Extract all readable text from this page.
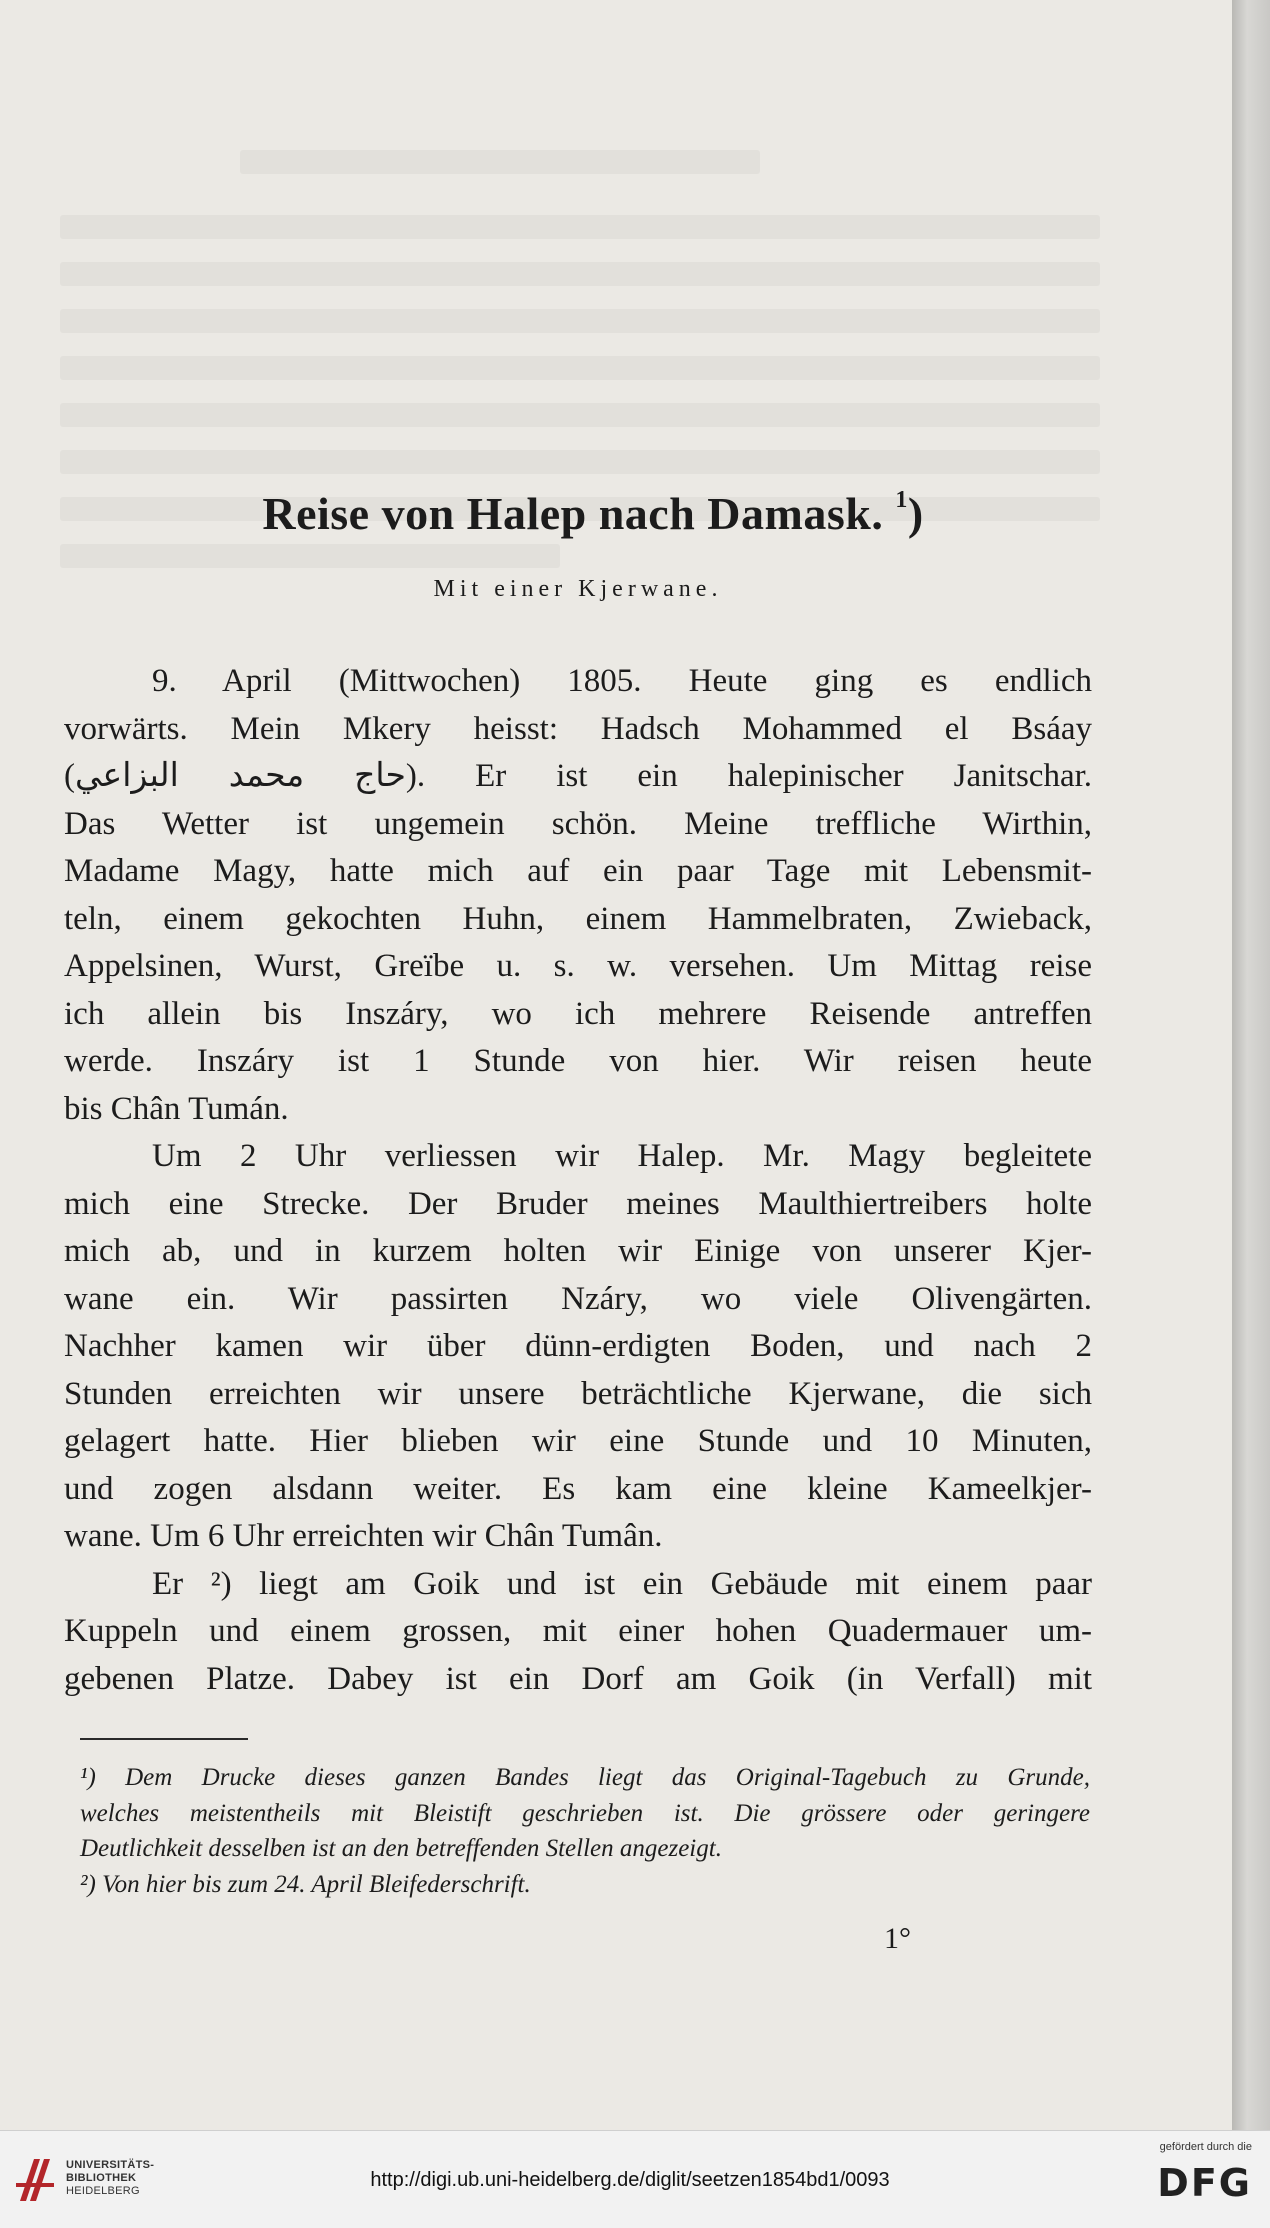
Reise von Halep nach Damask. $^1$)
Mit einer Kjerwane.
9. April (Mittwochen) 1805. Heute ging es endlich
vorwärts. Mein Mkery heisst: Hadsch Mohammed el Bsáay
(حاج محمد البزاعي). Er ist ein halepinischer Janitschar.
Das Wetter ist ungemein schön. Meine treffliche Wirthin,
Madame Magy, hatte mich auf ein paar Tage mit Lebensmit-
teln, einem gekochten Huhn, einem Hammelbraten, Zwieback,
Appelsinen, Wurst, Greïbe u. s. w. versehen. Um Mittag reise
ich allein bis Inszáry, wo ich mehrere Reisende antreffen
werde. Inszáry ist 1 Stunde von hier. Wir reisen heute
bis Chân Tumán.
Um 2 Uhr verliessen wir Halep. Mr. Magy begleitete
mich eine Strecke. Der Bruder meines Maulthiertreibers holte
mich ab, und in kurzem holten wir Einige von unserer Kjer-
wane ein. Wir passirten Nzáry, wo viele Olivengärten.
Nachher kamen wir über dünn-erdigten Boden, und nach 2
Stunden erreichten wir unsere beträchtliche Kjerwane, die sich
gelagert hatte. Hier blieben wir eine Stunde und 10 Minuten,
und zogen alsdann weiter. Es kam eine kleine Kameelkjer-
wane. Um 6 Uhr erreichten wir Chân Tumân.
Er ²) liegt am Goik und ist ein Gebäude mit einem paar
Kuppeln und einem grossen, mit einer hohen Quadermauer um-
gebenen Platze. Dabey ist ein Dorf am Goik (in Verfall) mit
¹) Dem Drucke dieses ganzen Bandes liegt das Original-Tagebuch zu Grunde,
welches meistentheils mit Bleistift geschrieben ist. Die grössere oder geringere
Deutlichkeit desselben ist an den betreffenden Stellen angezeigt.
²) Von hier bis zum 24. April Bleifederschrift.
1°
UNIVERSITÄTS-
BIBLIOTHEK
HEIDELBERG	http://digi.ub.uni-heidelberg.de/diglit/seetzen1854bd1/0093
gefördert durch die
DFG
